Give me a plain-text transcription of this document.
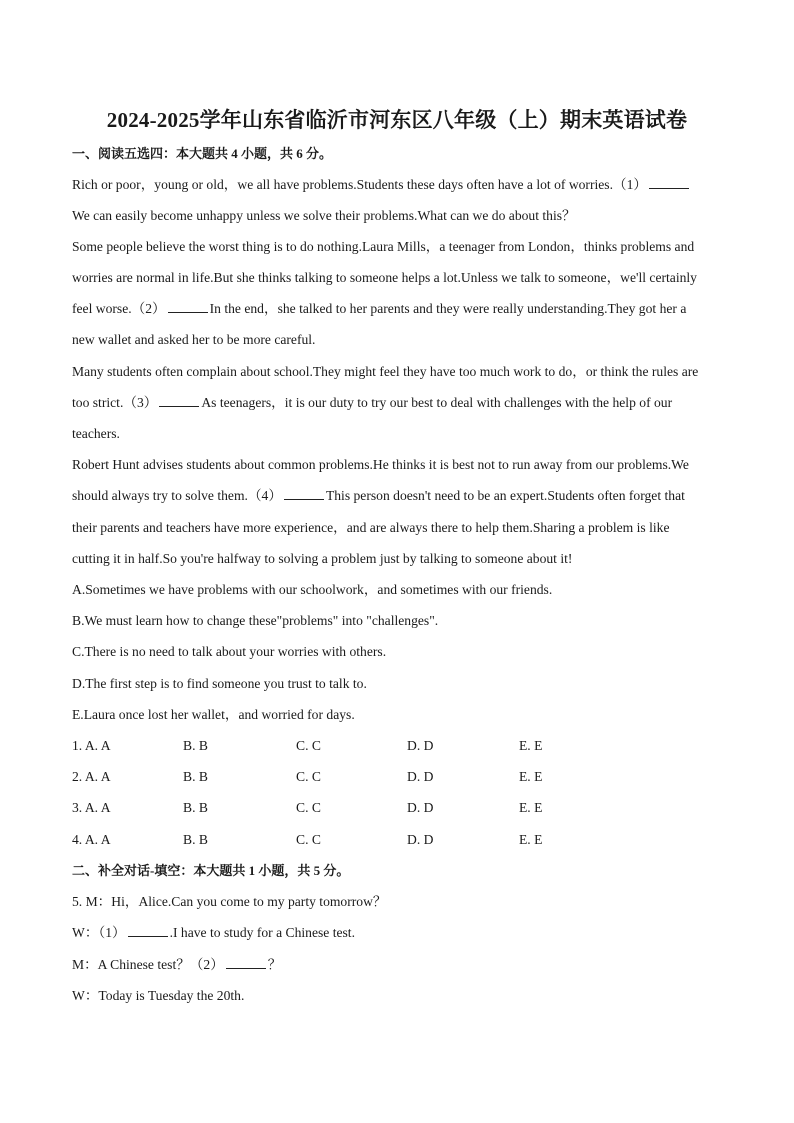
2024-2025学年山东省临沂市河东区八年级（上）期末英语试卷
一、阅读五选四：本大题共 4 小题，共 6 分。
Rich or poor，young or old，we all have problems.Students these days often have a lot of worries.（1）
We can easily become unhappy unless we solve their problems.What can we do about this？
Some people believe the worst thing is to do nothing.Laura Mills，a teenager from London，thinks problems and
worries are normal in life.But she thinks talking to someone helps a lot.Unless we talk to someone，we'll certainly
feel worse.（2）	In the end，she talked to her parents and they were really understanding.They got her a
new wallet and asked her to be more careful.
Many students often complain about school.They might feel they have too much work to do，or think the rules are
too strict.（3）	As teenagers，it is our duty to try our best to deal with challenges with the help of our
teachers.
Robert Hunt advises students about common problems.He thinks it is best not to run away from our problems.We
should always try to solve them.（4）	This person doesn't need to be an expert.Students often forget that
their parents and teachers have more experience，and are always there to help them.Sharing a problem is like
cutting it in half.So you're halfway to solving a problem just by talking to someone about it!
A.Sometimes we have problems with our schoolwork，and sometimes with our friends.
B.We must learn how to change these"problems" into "challenges".
C.There is no need to talk about your worries with others.
D.The first step is to find someone you trust to talk to.
E.Laura once lost her wallet，and worried for days.
1. A. A	B. B	C. C	D. D	E. E
2. A. A	B. B	C. C	D. D	E. E
3. A. A	B. B	C. C	D. D	E. E
4. A. A	B. B	C. C	D. D	E. E
二、补全对话-填空：本大题共 1 小题，共 5 分。
5. M：Hi，Alice.Can you come to my party tomorrow？
W：（1）	.I have to study for a Chinese test.
M：A Chinese test？（2）	？
W：Today is Tuesday the 20th.
